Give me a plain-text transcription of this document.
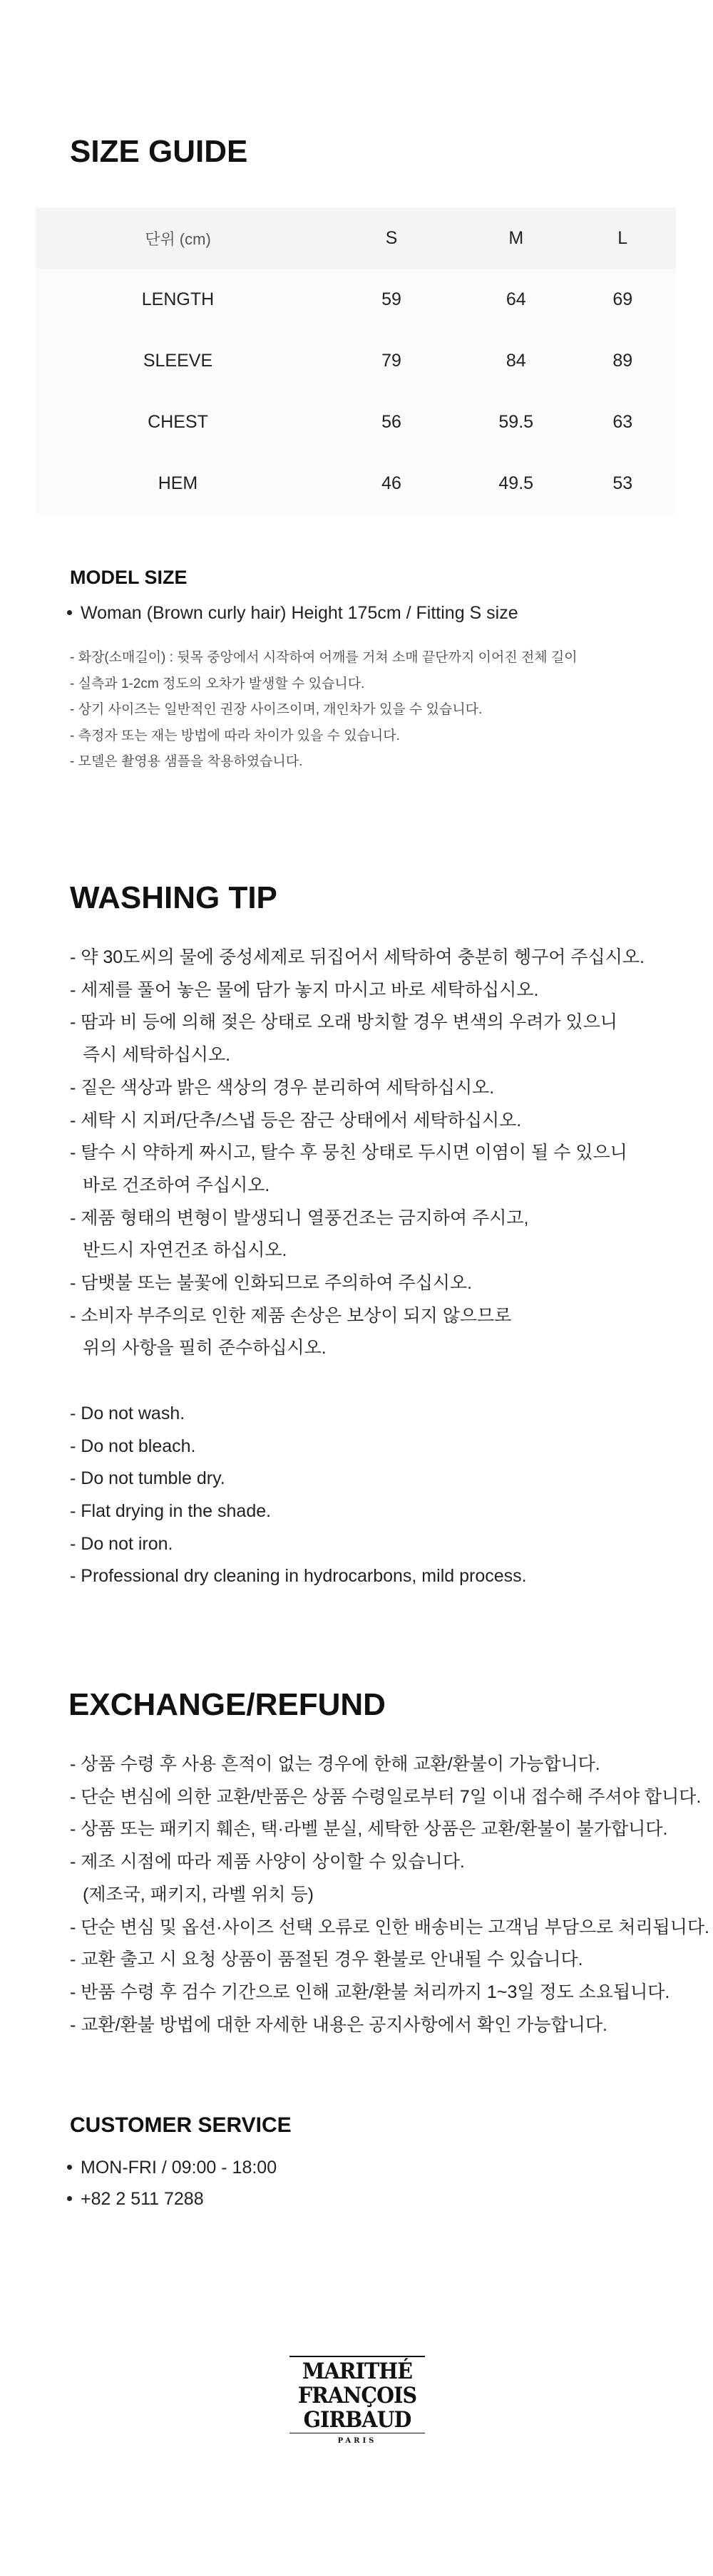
SIZE GUIDE
단위 (cm)	S	M	L
LENGTH	59	64	69
SLEEVE	79	84	89
CHEST	56	59.5	63
HEM	46	49.5	53
MODEL SIZE
Woman (Brown curly hair) Height 175cm / Fitting S size
- 화장(소매길이) : 뒷목 중앙에서 시작하여 어깨를 거쳐 소매 끝단까지 이어진 전체 길이
- 실측과 1-2cm 정도의 오차가 발생할 수 있습니다.
- 상기 사이즈는 일반적인 권장 사이즈이며, 개인차가 있을 수 있습니다.
- 측정자 또는 재는 방법에 따라 차이가 있을 수 있습니다.
- 모델은 촬영용 샘플을 착용하였습니다.
WASHING TIP
- 약 30도씨의 물에 중성세제로 뒤집어서 세탁하여 충분히 헹구어 주십시오.
- 세제를 풀어 놓은 물에 담가 놓지 마시고 바로 세탁하십시오.
- 땀과 비 등에 의해 젖은 상태로 오래 방치할 경우 변색의 우려가 있으니
즉시 세탁하십시오.
- 짙은 색상과 밝은 색상의 경우 분리하여 세탁하십시오.
- 세탁 시 지퍼/단추/스냅 등은 잠근 상태에서 세탁하십시오.
- 탈수 시 약하게 짜시고, 탈수 후 뭉친 상태로 두시면 이염이 될 수 있으니
바로 건조하여 주십시오.
- 제품 형태의 변형이 발생되니 열풍건조는 금지하여 주시고,
반드시 자연건조 하십시오.
- 담뱃불 또는 불꽃에 인화되므로 주의하여 주십시오.
- 소비자 부주의로 인한 제품 손상은 보상이 되지 않으므로
위의 사항을 필히 준수하십시오.
- Do not wash.
- Do not bleach.
- Do not tumble dry.
- Flat drying in the shade.
- Do not iron.
- Professional dry cleaning in hydrocarbons, mild process.
EXCHANGE/REFUND
- 상품 수령 후 사용 흔적이 없는 경우에 한해 교환/환불이 가능합니다.
- 단순 변심에 의한 교환/반품은 상품 수령일로부터 7일 이내 접수해 주셔야 합니다.
- 상품 또는 패키지 훼손, 택·라벨 분실, 세탁한 상품은 교환/환불이 불가합니다.
- 제조 시점에 따라 제품 사양이 상이할 수 있습니다.
(제조국, 패키지, 라벨 위치 등)
- 단순 변심 및 옵션·사이즈 선택 오류로 인한 배송비는 고객님 부담으로 처리됩니다.
- 교환 출고 시 요청 상품이 품절된 경우 환불로 안내될 수 있습니다.
- 반품 수령 후 검수 기간으로 인해 교환/환불 처리까지 1~3일 정도 소요됩니다.
- 교환/환불 방법에 대한 자세한 내용은 공지사항에서 확인 가능합니다.
CUSTOMER SERVICE
MON-FRI / 09:00 - 18:00
+82 2 511 7288
MARITHÉ
FRANÇOIS
GIRBAUD
PARIS
